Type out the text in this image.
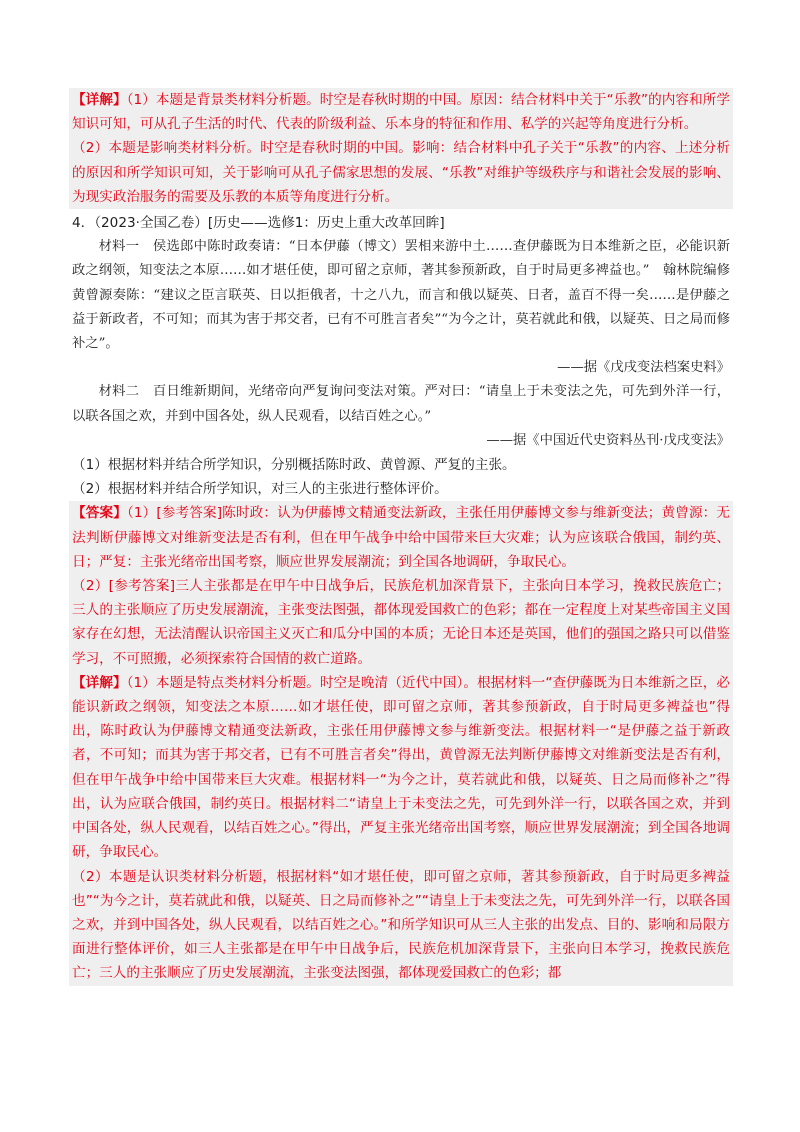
【详解】（1）本题是背景类材料分析题。时空是春秋时期的中国。原因：结合材料中关于“乐教”的内容和所学知识可知，可从孔子生活的时代、代表的阶级利益、乐本身的特征和作用、私学的兴起等角度进行分析。

（2）本题是影响类材料分析。时空是春秋时期的中国。影响：结合材料中孔子关于“乐教”的内容、上述分析的原因和所学知识可知，关于影响可从孔子儒家思想的发展、“乐教”对维护等级秩序与和谐社会发展的影响、为现实政治服务的需要及乐教的本质等角度进行分析。

4．（2023·全国乙卷）[历史——选修1：历史上重大改革回眸]

材料一　侯选郎中陈时政奏请：“日本伊藤（博文）罢相来游中土……查伊藤既为日本维新之臣，必能识新政之纲领，知变法之本原……如才堪任使，即可留之京师，著其参预新政，自于时局更多裨益也。”　翰林院编修黄曾源奏陈：“建议之臣言联英、日以拒俄者，十之八九，而言和俄以疑英、日者，盖百不得一矣……是伊藤之益于新政者，不可知；而其为害于邦交者，已有不可胜言者矣”“为今之计，莫若就此和俄，以疑英、日之局而修补之”。

——据《戊戌变法档案史料》

材料二　百日维新期间，光绪帝向严复询问变法对策。严对曰：“请皇上于未变法之先，可先到外洋一行，以联各国之欢，并到中国各处，纵人民观看，以结百姓之心。”

——据《中国近代史资料丛刊·戊戌变法》

（1）根据材料并结合所学知识，分别概括陈时政、黄曾源、严复的主张。

（2）根据材料并结合所学知识，对三人的主张进行整体评价。

【答案】（1）[参考答案]陈时政：认为伊藤博文精通变法新政，主张任用伊藤博文参与维新变法；黄曾源：无法判断伊藤博文对维新变法是否有利，但在甲午战争中给中国带来巨大灾难；认为应该联合俄国，制约英、日；严复：主张光绪帝出国考察，顺应世界发展潮流；到全国各地调研，争取民心。

（2）[参考答案]三人主张都是在甲午中日战争后，民族危机加深背景下，主张向日本学习，挽救民族危亡；三人的主张顺应了历史发展潮流，主张变法图强，都体现爱国救亡的色彩；都在一定程度上对某些帝国主义国家存在幻想，无法清醒认识帝国主义灭亡和瓜分中国的本质；无论日本还是英国，他们的强国之路只可以借鉴学习，不可照搬，必须探索符合国情的救亡道路。

【详解】（1）本题是特点类材料分析题。时空是晚清（近代中国）。根据材料一“查伊藤既为日本维新之臣，必能识新政之纲领，知变法之本原……如才堪任使，即可留之京师，著其参预新政，自于时局更多裨益也”得出，陈时政认为伊藤博文精通变法新政，主张任用伊藤博文参与维新变法。根据材料一“是伊藤之益于新政者，不可知；而其为害于邦交者，已有不可胜言者矣”得出，黄曾源无法判断伊藤博文对维新变法是否有利，但在甲午战争中给中国带来巨大灾难。根据材料一“为今之计，莫若就此和俄，以疑英、日之局而修补之”得出，认为应联合俄国，制约英日。根据材料二“请皇上于未变法之先，可先到外洋一行，以联各国之欢，并到中国各处，纵人民观看，以结百姓之心。”得出，严复主张光绪帝出国考察，顺应世界发展潮流；到全国各地调研，争取民心。

（2）本题是认识类材料分析题，根据材料“如才堪任使，即可留之京师，著其参预新政，自于时局更多裨益也”“为今之计，莫若就此和俄，以疑英、日之局而修补之”“请皇上于未变法之先，可先到外洋一行，以联各国之欢，并到中国各处，纵人民观看，以结百姓之心。”和所学知识可从三人主张的出发点、目的、影响和局限方面进行整体评价，如三人主张都是在甲午中日战争后，民族危机加深背景下，主张向日本学习，挽救民族危亡；三人的主张顺应了历史发展潮流，主张变法图强，都体现爱国救亡的色彩；都
